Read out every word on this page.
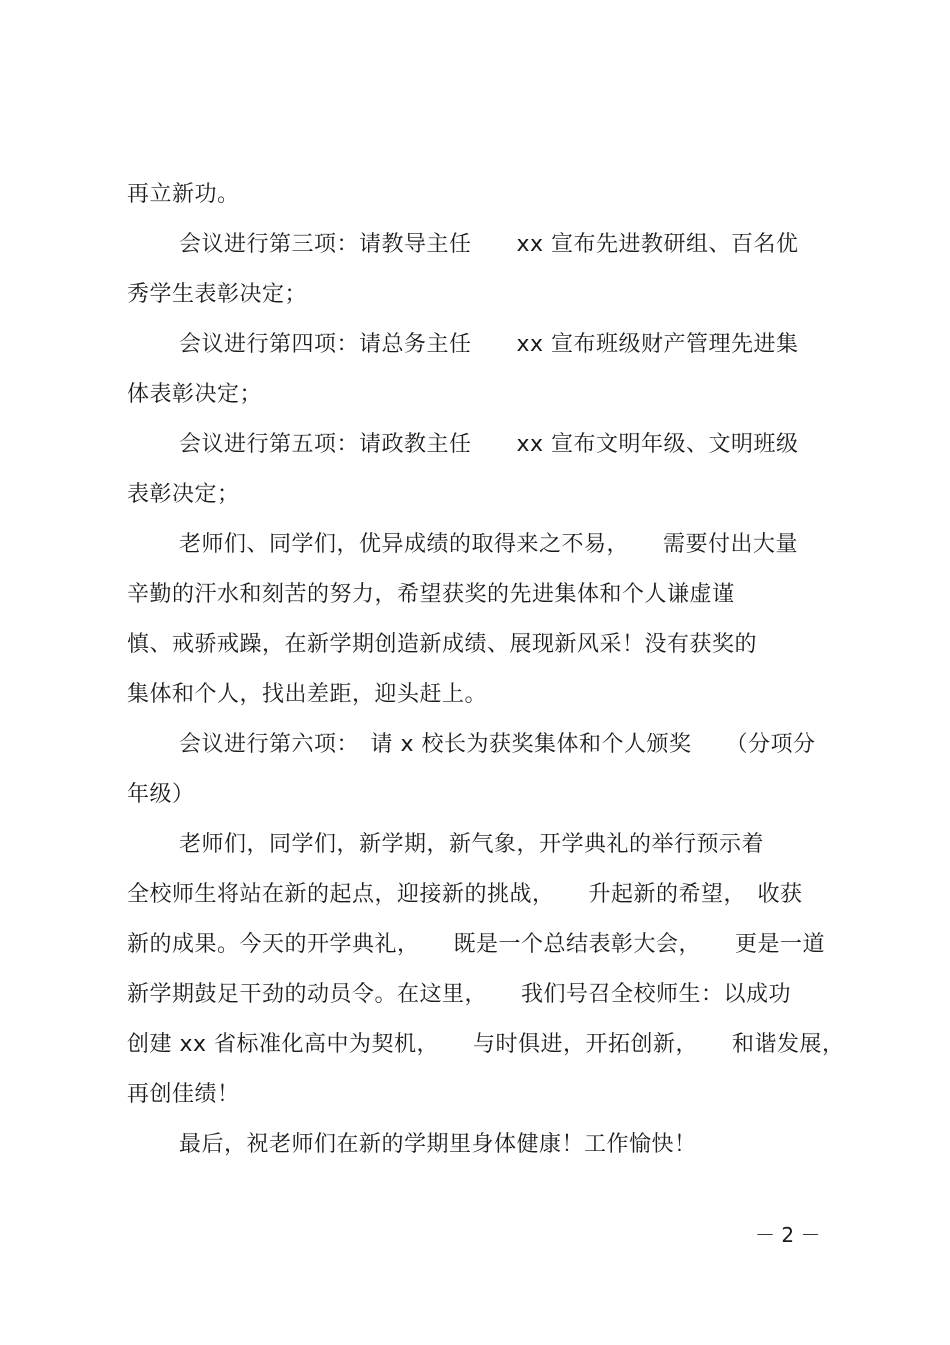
再立新功。
会议进行第三项：请教导主任　　xx 宣布先进教研组、百名优
秀学生表彰决定；
会议进行第四项：请总务主任　　xx 宣布班级财产管理先进集
体表彰决定；
会议进行第五项：请政教主任　　xx 宣布文明年级、文明班级
表彰决定；
老师们、同学们，优异成绩的取得来之不易，　　需要付出大量
辛勤的汗水和刻苦的努力，希望获奖的先进集体和个人谦虚谨
慎、戒骄戒躁，在新学期创造新成绩、展现新风采！没有获奖的
集体和个人，找出差距，迎头赶上。
会议进行第六项：　请 x 校长为获奖集体和个人颁奖　　（分项分
年级）
老师们，同学们，新学期，新气象，开学典礼的举行预示着
全校师生将站在新的起点，迎接新的挑战，　　升起新的希望，　收获
新的成果。今天的开学典礼，　　既是一个总结表彰大会，　　更是一道
新学期鼓足干劲的动员令。在这里，　　我们号召全校师生：以成功
创建 xx 省标准化高中为契机，　　与时俱进，开拓创新，　　和谐发展，
再创佳绩！
最后，祝老师们在新的学期里身体健康！工作愉快！
－ 2 －
